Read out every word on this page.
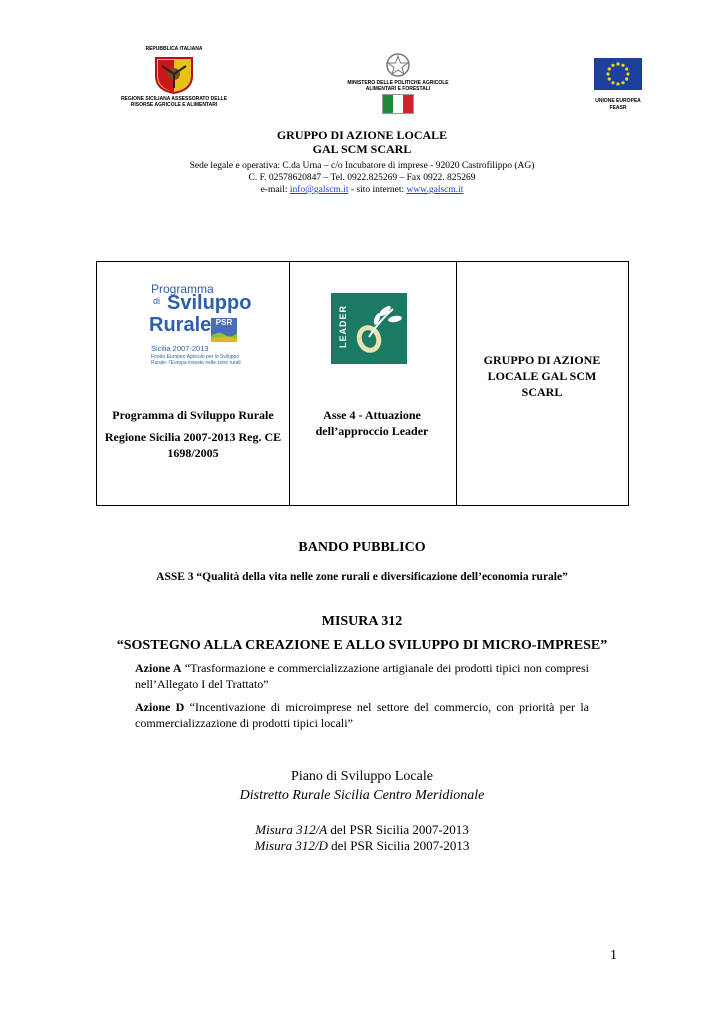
REPUBBLICA ITALIANA
REGIONE SICILIANA ASSESSORATO DELLE RISORSE AGRICOLE E ALIMENTARI
MINISTERO DELLE POLITICHE AGRICOLE ALIMENTARI E FORESTALI
UNIONE EUROPEA
FEASR
GRUPPO DI AZIONE LOCALE
GAL SCM SCARL
Sede legale e operativa: C.da Urna – c/o Incubatore di imprese - 92020 Castrofilippo (AG)
C. F. 02578620847 – Tel. 0922.825269 – Fax 0922. 825269
e-mail: info@galscm.it - sito internet: www.galscm.it
Programma
di Sviluppo
Rurale PSR
Sicilia 2007-2013
Fondo Europeo Agricolo per lo Sviluppo Rurale: l'Europa investe nelle zone rurali
Programma di Sviluppo Rurale
Regione Sicilia 2007-2013 Reg. CE 1698/2005
LEADER
Asse 4 - Attuazione dell’approccio Leader
GRUPPO DI AZIONE LOCALE GAL SCM SCARL
BANDO PUBBLICO
ASSE 3 “Qualità della vita nelle zone rurali e diversificazione dell’economia rurale”
MISURA 312
“SOSTEGNO ALLA CREAZIONE E ALLO SVILUPPO DI MICRO-IMPRESE”
Azione A “Trasformazione e commercializzazione artigianale dei prodotti tipici non compresi nell’Allegato I del Trattato”
Azione D “Incentivazione di microimprese nel settore del commercio, con priorità per la commercializzazione di prodotti tipici locali”
Piano di Sviluppo Locale
Distretto Rurale Sicilia Centro Meridionale
Misura 312/A del PSR Sicilia 2007-2013
Misura 312/D del PSR Sicilia 2007-2013
1
